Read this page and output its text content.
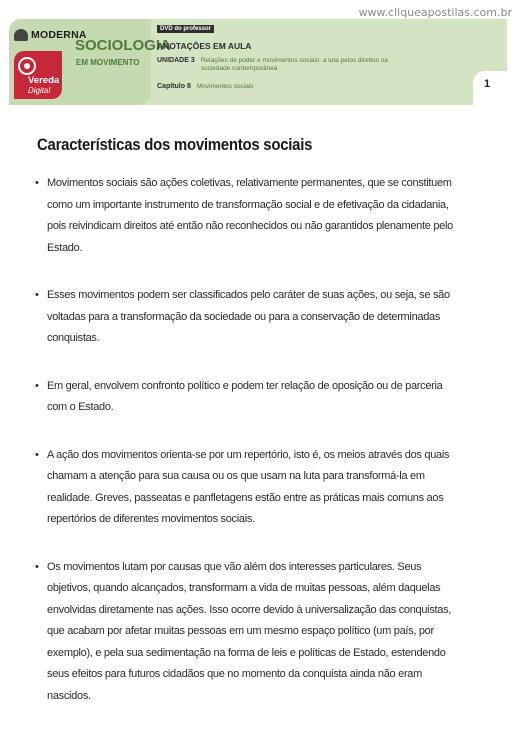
www.cliqueapostilas.com.br
MODERNA
SOCIOLOGIA
EM MOVIMENTO
Vereda
Digital
DVD do professor
ANOTAÇÕES EM AULA
UNIDADE 3 Relações de poder e movimentos sociais: a luta pelos direitos na sociedade contemporânea
Capítulo 8 Movimentos sociais	1
Características dos movimentos sociais
• Movimentos sociais são ações coletivas, relativamente permanentes, que se constituem como um importante instrumento de transformação social e de efetivação da cidadania, pois reivindicam direitos até então não reconhecidos ou não garantidos plenamente pelo Estado.
• Esses movimentos podem ser classificados pelo caráter de suas ações, ou seja, se são voltadas para a transformação da sociedade ou para a conservação de determinadas conquistas.
• Em geral, envolvem confronto político e podem ter relação de oposição ou de parceria com o Estado.
• A ação dos movimentos orienta-se por um repertório, isto é, os meios através dos quais chamam a atenção para sua causa ou os que usam na luta para transformá-la em realidade. Greves, passeatas e panfletagens estão entre as práticas mais comuns aos repertórios de diferentes movimentos sociais.
• Os movimentos lutam por causas que vão além dos interesses particulares. Seus objetivos, quando alcançados, transformam a vida de muitas pessoas, além daquelas envolvidas diretamente nas ações. Isso ocorre devido à universalização das conquistas, que acabam por afetar muitas pessoas em um mesmo espaço político (um país, por exemplo), e pela sua sedimentação na forma de leis e políticas de Estado, estendendo seus efeitos para futuros cidadãos que no momento da conquista ainda não eram nascidos.
